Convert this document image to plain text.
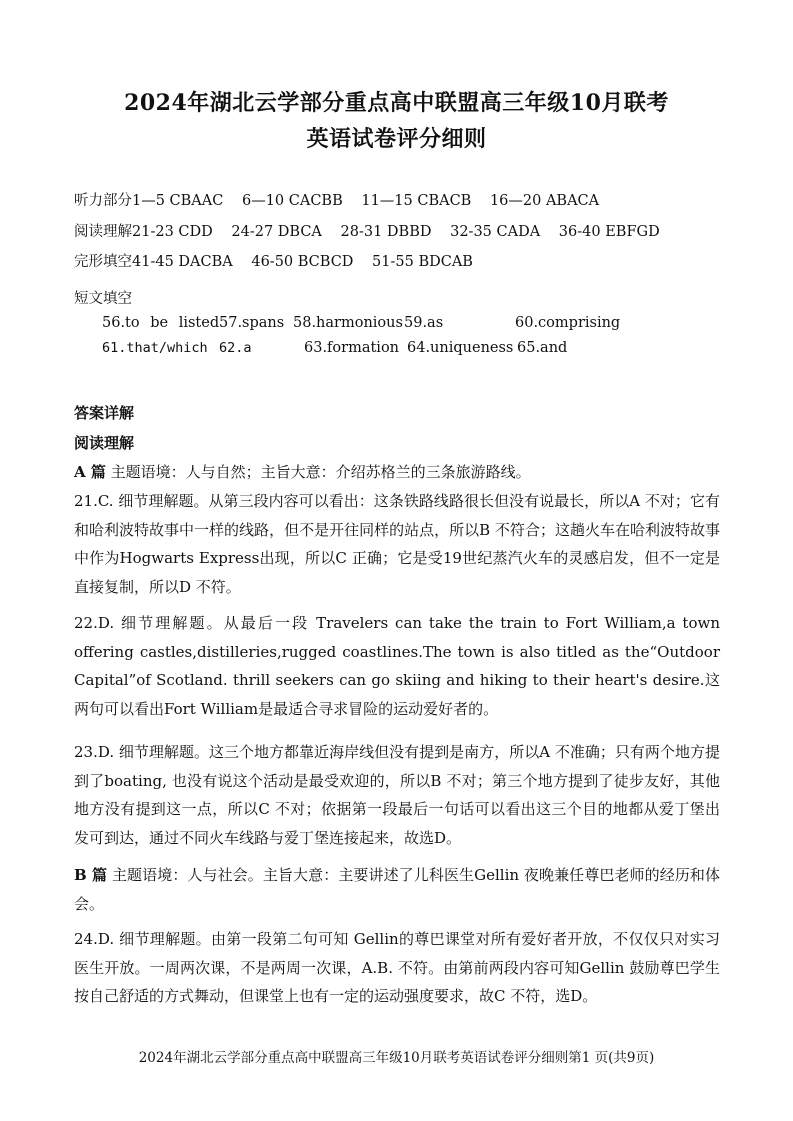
2024年湖北云学部分重点高中联盟高三年级10月联考
英语试卷评分细则
听力部分1—5 CBAAC 6—10 CACBB 11—15 CBACB 16—20 ABACA
阅读理解21-23 CDD 24-27 DBCA 28-31 DBBD 32-35 CADA 36-40 EBFGD
完形填空41-45 DACBA 46-50 BCBCD 51-55 BDCAB
短文填空
56.to be listed 57.spans 58.harmonious 59.as	60.comprising
61.that/which 62.a	63.formation 64.uniqueness 65.and
答案详解
阅读理解
A 篇 主题语境：人与自然；主旨大意：介绍苏格兰的三条旅游路线。
21.C. 细节理解题。从第三段内容可以看出：这条铁路线路很长但没有说最长，所以A 不对；它有和哈利波特故事中一样的线路，但不是开往同样的站点，所以B 不符合；这趟火车在哈利波特故事中作为Hogwarts Express出现，所以C 正确；它是受19世纪蒸汽火车的灵感启发，但不一定是直接复制，所以D 不符。
22.D. 细节理解题。从最后一段 Travelers can take the train to Fort William,a town offering castles,distilleries,rugged coastlines.The town is also titled as the“Outdoor Capital”of Scotland. thrill seekers can go skiing and hiking to their heart's desire.这两句可以看出Fort William是最适合寻求冒险的运动爱好者的。
23.D. 细节理解题。这三个地方都靠近海岸线但没有提到是南方，所以A 不准确；只有两个地方提到了boating, 也没有说这个活动是最受欢迎的，所以B 不对；第三个地方提到了徒步友好，其他地方没有提到这一点，所以C 不对；依据第一段最后一句话可以看出这三个目的地都从爱丁堡出发可到达，通过不同火车线路与爱丁堡连接起来，故选D。
B 篇 主题语境：人与社会。主旨大意：主要讲述了儿科医生Gellin 夜晚兼任尊巴老师的经历和体会。
24.D. 细节理解题。由第一段第二句可知 Gellin的尊巴课堂对所有爱好者开放，不仅仅只对实习医生开放。一周两次课，不是两周一次课，A.B. 不符。由第前两段内容可知Gellin 鼓励尊巴学生按自己舒适的方式舞动，但课堂上也有一定的运动强度要求，故C 不符，选D。
2024年湖北云学部分重点高中联盟高三年级10月联考英语试卷评分细则第1 页(共9页)
